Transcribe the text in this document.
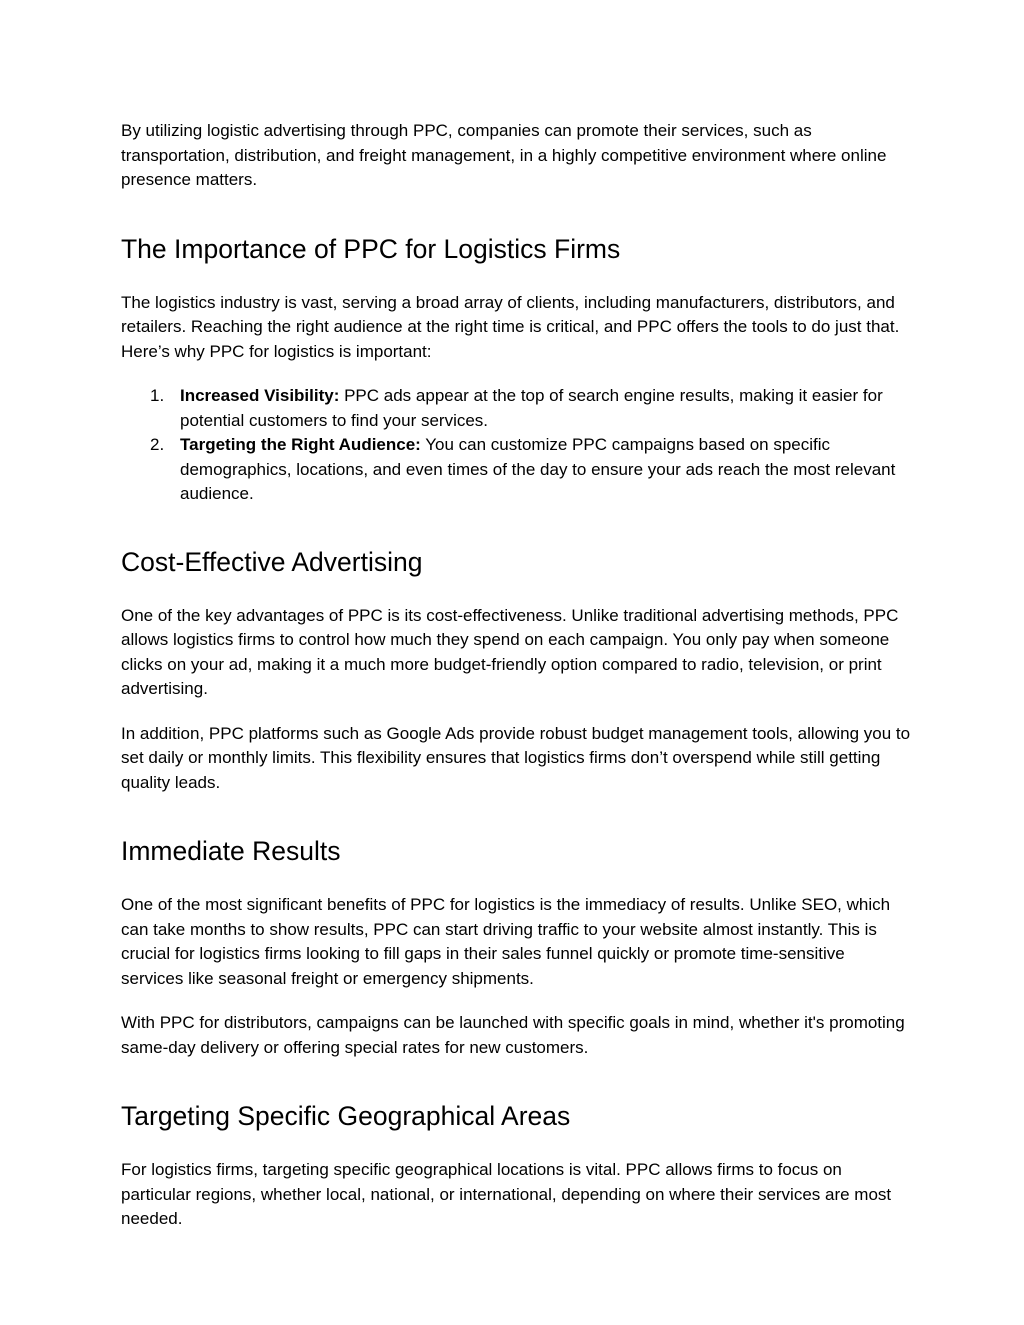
By utilizing logistic advertising through PPC, companies can promote their services, such as transportation, distribution, and freight management, in a highly competitive environment where online presence matters.

The Importance of PPC for Logistics Firms

The logistics industry is vast, serving a broad array of clients, including manufacturers, distributors, and retailers. Reaching the right audience at the right time is critical, and PPC offers the tools to do just that. Here’s why PPC for logistics is important:

1. Increased Visibility: PPC ads appear at the top of search engine results, making it easier for potential customers to find your services.
2. Targeting the Right Audience: You can customize PPC campaigns based on specific demographics, locations, and even times of the day to ensure your ads reach the most relevant audience.
Cost-Effective Advertising

One of the key advantages of PPC is its cost-effectiveness. Unlike traditional advertising methods, PPC allows logistics firms to control how much they spend on each campaign. You only pay when someone clicks on your ad, making it a much more budget-friendly option compared to radio, television, or print advertising.

In addition, PPC platforms such as Google Ads provide robust budget management tools, allowing you to set daily or monthly limits. This flexibility ensures that logistics firms don’t overspend while still getting quality leads.

Immediate Results

One of the most significant benefits of PPC for logistics is the immediacy of results. Unlike SEO, which can take months to show results, PPC can start driving traffic to your website almost instantly. This is crucial for logistics firms looking to fill gaps in their sales funnel quickly or promote time-sensitive services like seasonal freight or emergency shipments.

With PPC for distributors, campaigns can be launched with specific goals in mind, whether it's promoting same-day delivery or offering special rates for new customers.

Targeting Specific Geographical Areas

For logistics firms, targeting specific geographical locations is vital. PPC allows firms to focus on particular regions, whether local, national, or international, depending on where their services are most needed.
